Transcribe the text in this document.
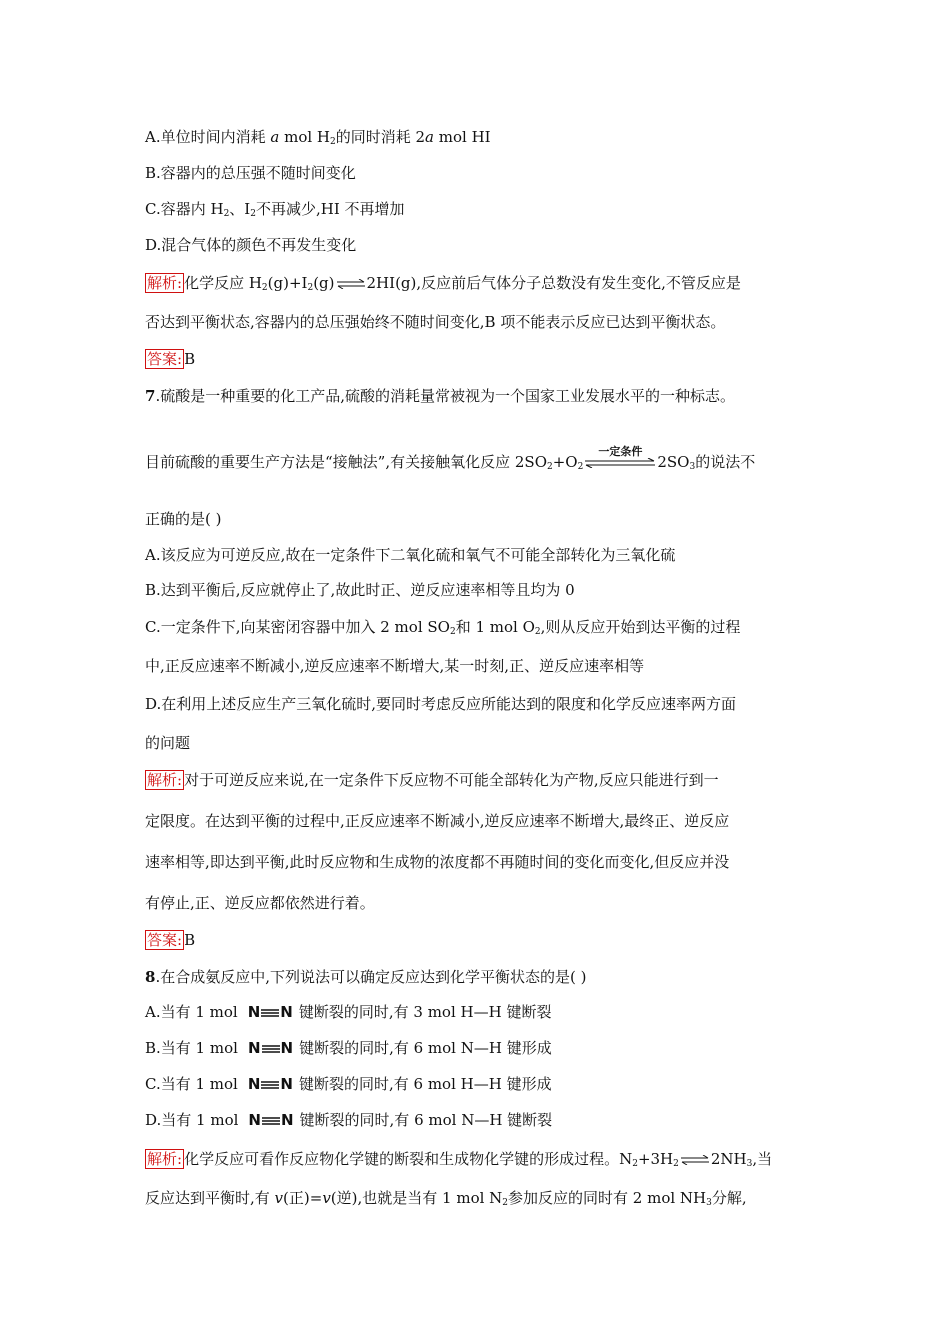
A.单位时间内消耗 a mol $H_2$的同时消耗 2a mol HI
B.容器内的总压强不随时间变化
C.容器内 $H_2$、$I_2$不再减少,HI 不再增加
D.混合气体的颜色不再发生变化
解析: 化学反应 $H_2(g)+I_2(g)\rightleftharpoons 2HI(g)$,反应前后气体分子总数没有发生变化,不管反应是
否达到平衡状态,容器内的总压强始终不随时间变化,B 项不能表示反应已达到平衡状态。
答案: B
7.硫酸是一种重要的化工产品,硫酸的消耗量常被视为一个国家工业发展水平的一种标志。
目前硫酸的重要生产方法是“接触法”,有关接触氧化反应 $2SO_2+O_2$
一定条件
$2SO_3$的说法不
正确的是( )
A.该反应为可逆反应,故在一定条件下二氧化硫和氧气不可能全部转化为三氧化硫
B.达到平衡后,反应就停止了,故此时正、逆反应速率相等且均为 0
C.一定条件下,向某密闭容器中加入 2 mol $SO_2$和 1 mol $O_2$,则从反应开始到达平衡的过程
中,正反应速率不断减小,逆反应速率不断增大,某一时刻,正、逆反应速率相等
D.在利用上述反应生产三氧化硫时,要同时考虑反应所能达到的限度和化学反应速率两方面
的问题
解析: 对于可逆反应来说,在一定条件下反应物不可能全部转化为产物,反应只能进行到一
定限度。在达到平衡的过程中,正反应速率不断减小,逆反应速率不断增大,最终正、逆反应
速率相等,即达到平衡,此时反应物和生成物的浓度都不再随时间的变化而变化,但反应并没
有停止,正、逆反应都依然进行着。
答案: B
8.在合成氨反应中,下列说法可以确定反应达到化学平衡状态的是( )
A.当有 1 mol N N 键断裂的同时,有 3 mol H—H 键断裂
B.当有 1 mol N N 键断裂的同时,有 6 mol N—H 键形成
C.当有 1 mol N N 键断裂的同时,有 6 mol H—H 键形成
D.当有 1 mol N N 键断裂的同时,有 6 mol N—H 键断裂
解析: 化学反应可看作反应物化学键的断裂和生成物化学键的形成过程。$N_2+3H_2\rightleftharpoons 2NH_3$,当
反应达到平衡时,有 v(正)=v(逆),也就是当有 1 mol $N_2$参加反应的同时有 2 mol $NH_3$分解,
